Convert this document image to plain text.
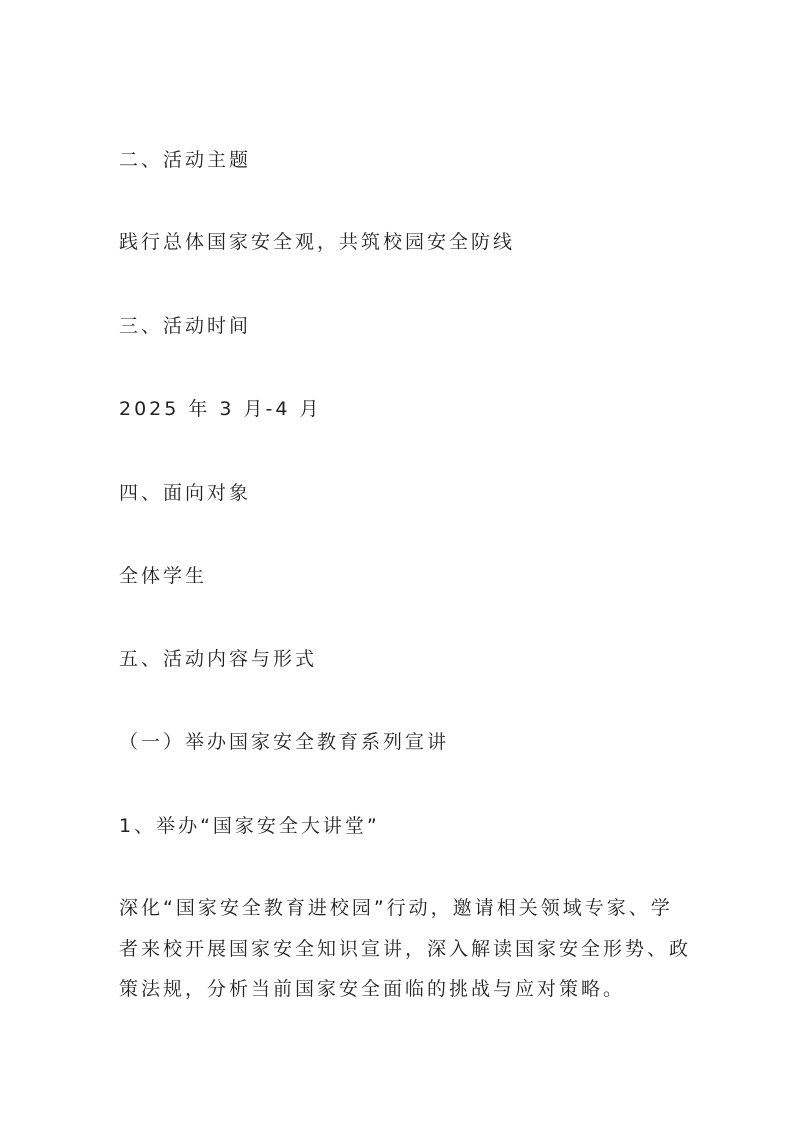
二、活动主题
践行总体国家安全观，共筑校园安全防线
三、活动时间
2025 年 3 月-4 月
四、面向对象
全体学生
五、活动内容与形式
（一）举办国家安全教育系列宣讲
1、举办“国家安全大讲堂”
深化“国家安全教育进校园”行动，邀请相关领域专家、学
者来校开展国家安全知识宣讲，深入解读国家安全形势、政
策法规，分析当前国家安全面临的挑战与应对策略。
